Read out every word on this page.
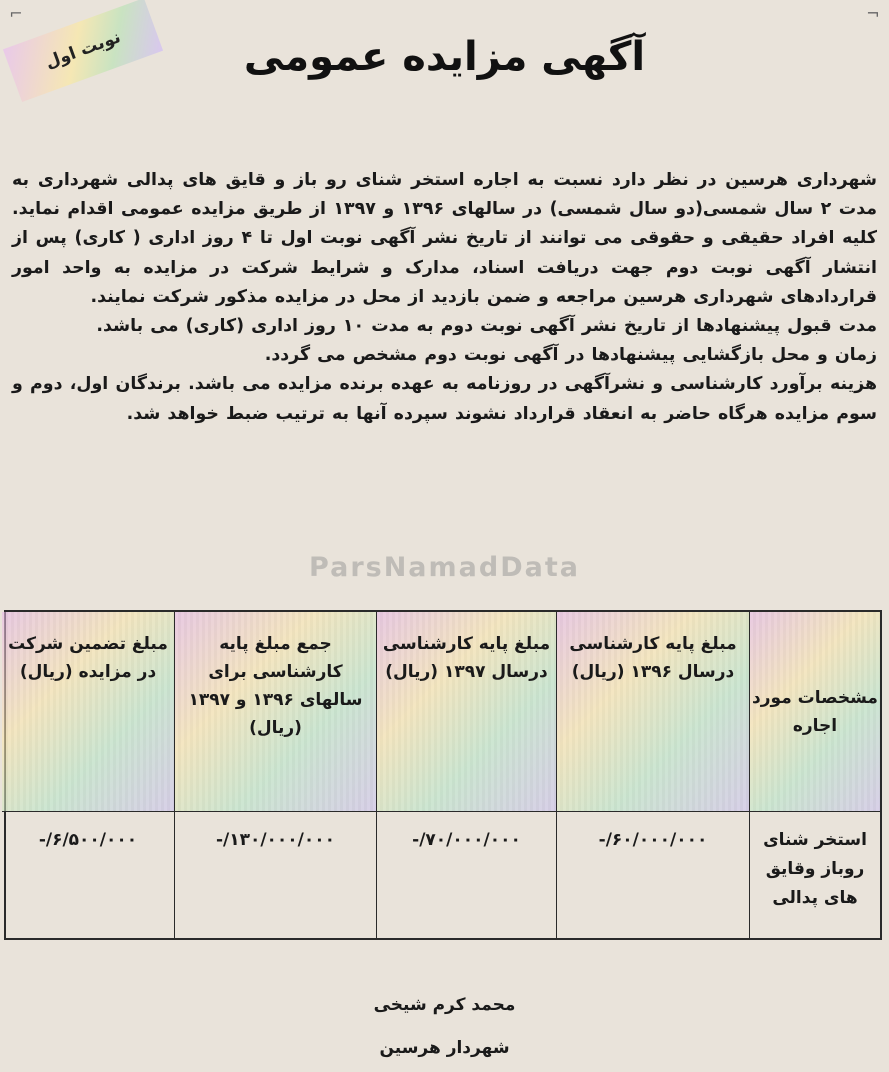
⌐	¬
نوبت اول	آگهی مزایده عمومی

شهرداری هرسین در نظر دارد نسبت به اجاره استخر شنای رو باز و قایق های پدالی شهرداری به مدت ۲ سال شمسی(دو سال شمسی) در سالهای ۱۳۹۶ و ۱۳۹۷ از طریق مزایده عمومی اقدام نماید. کلیه افراد حقیقی و حقوقی می توانند از تاریخ نشر آگهی نوبت اول تا ۴ روز اداری ( کاری) پس از انتشار آگهی نوبت دوم جهت دریافت اسناد، مدارک و شرایط شرکت در مزایده به واحد امور قراردادهای شهرداری هرسین مراجعه و ضمن بازدید از محل در مزایده مذکور شرکت نمایند.

مدت قبول پیشنهادها از تاریخ نشر آگهی نوبت دوم به مدت ۱۰ روز اداری (کاری) می باشد.

زمان و محل بازگشایی پیشنهادها در آگهی نوبت دوم مشخص می گردد.

هزینه برآورد کارشناسی و نشرآگهی در روزنامه به عهده برنده مزایده می باشد. برندگان اول، دوم و سوم مزایده هرگاه حاضر به انعقاد قرارداد نشوند سپرده آنها به ترتیب ضبط خواهد شد.

ParsNamadData
مشخصات مورد اجاره
مبلغ پایه کارشناسی درسال ۱۳۹۶ (ریال)
مبلغ پایه کارشناسی درسال ۱۳۹۷ (ریال)
جمع مبلغ پایه کارشناسی برای سالهای ۱۳۹۶ و ۱۳۹۷ (ریال)
مبلغ تضمین شرکت در مزایده (ریال)
استخر شنای روباز وقایق های پدالی
-/۶۰/۰۰۰/۰۰۰
-/۷۰/۰۰۰/۰۰۰
-/۱۳۰/۰۰۰/۰۰۰
-/۶/۵۰۰/۰۰۰
محمد کرم شیخی
شهردار هرسین
